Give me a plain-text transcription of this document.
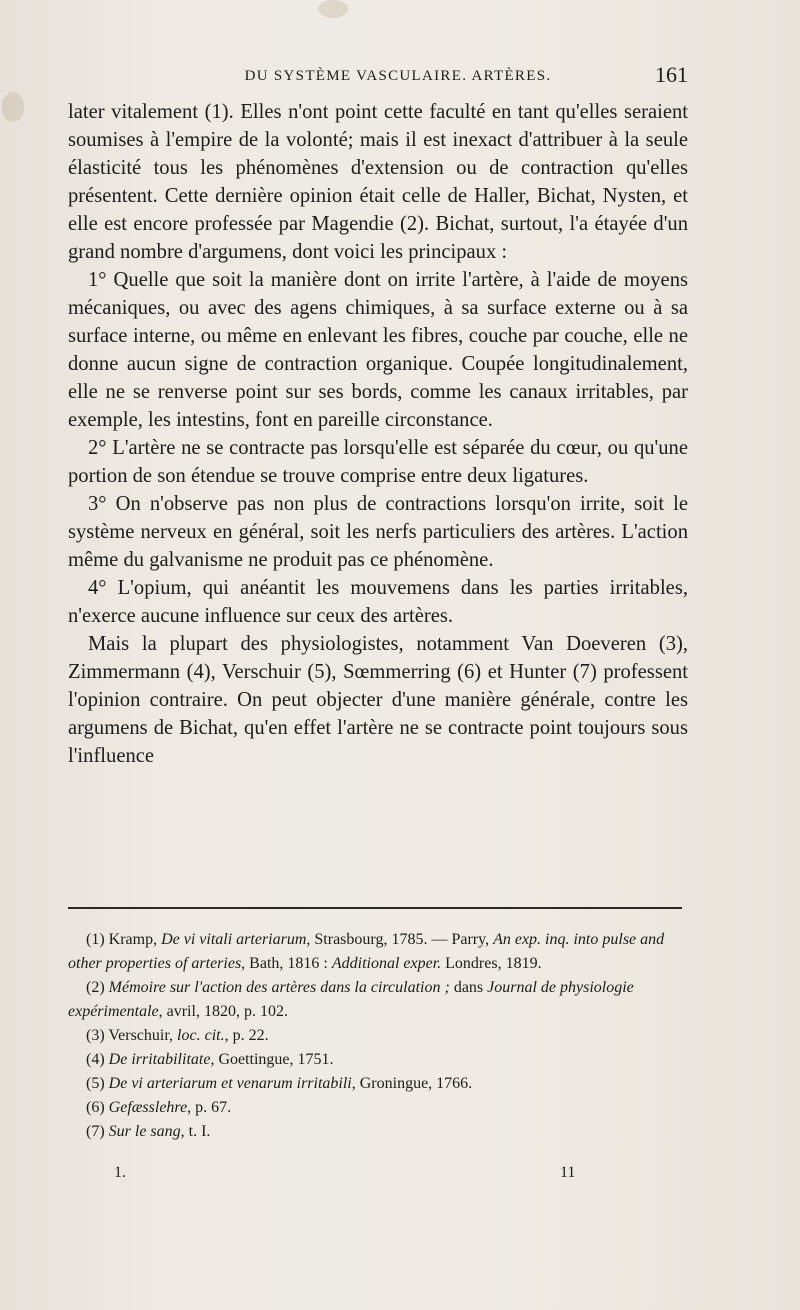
DU SYSTÈME VASCULAIRE. ARTÈRES.	161

later vitalement (1). Elles n'ont point cette faculté en tant qu'elles seraient soumises à l'empire de la volonté; mais il est inexact d'attribuer à la seule élasticité tous les phénomènes d'extension ou de contraction qu'elles présentent. Cette dernière opinion était celle de Haller, Bichat, Nysten, et elle est encore professée par Magendie (2). Bichat, surtout, l'a étayée d'un grand nombre d'argumens, dont voici les principaux :

1° Quelle que soit la manière dont on irrite l'artère, à l'aide de moyens mécaniques, ou avec des agens chimiques, à sa surface externe ou à sa surface interne, ou même en enlevant les fibres, couche par couche, elle ne donne aucun signe de contraction organique. Coupée longitudinalement, elle ne se renverse point sur ses bords, comme les canaux irritables, par exemple, les intestins, font en pareille circonstance.

2° L'artère ne se contracte pas lorsqu'elle est séparée du cœur, ou qu'une portion de son étendue se trouve comprise entre deux ligatures.

3° On n'observe pas non plus de contractions lorsqu'on irrite, soit le système nerveux en général, soit les nerfs particuliers des artères. L'action même du galvanisme ne produit pas ce phénomène.

4° L'opium, qui anéantit les mouvemens dans les parties irritables, n'exerce aucune influence sur ceux des artères.

Mais la plupart des physiologistes, notamment Van Doeveren (3), Zimmermann (4), Verschuir (5), Sœmmerring (6) et Hunter (7) professent l'opinion contraire. On peut objecter d'une manière générale, contre les argumens de Bichat, qu'en effet l'artère ne se contracte point toujours sous l'influence

(1) Kramp, De vi vitali arteriarum, Strasbourg, 1785. — Parry, An exp. inq. into pulse and other properties of arteries, Bath, 1816 : Additional exper. Londres, 1819.

(2) Mémoire sur l'action des artères dans la circulation ; dans Journal de physiologie expérimentale, avril, 1820, p. 102.

(3) Verschuir, loc. cit., p. 22.

(4) De irritabilitate, Goettingue, 1751.

(5) De vi arteriarum et venarum irritabili, Groningue, 1766.

(6) Gefæsslehre, p. 67.

(7) Sur le sang, t. I.

1.	11
